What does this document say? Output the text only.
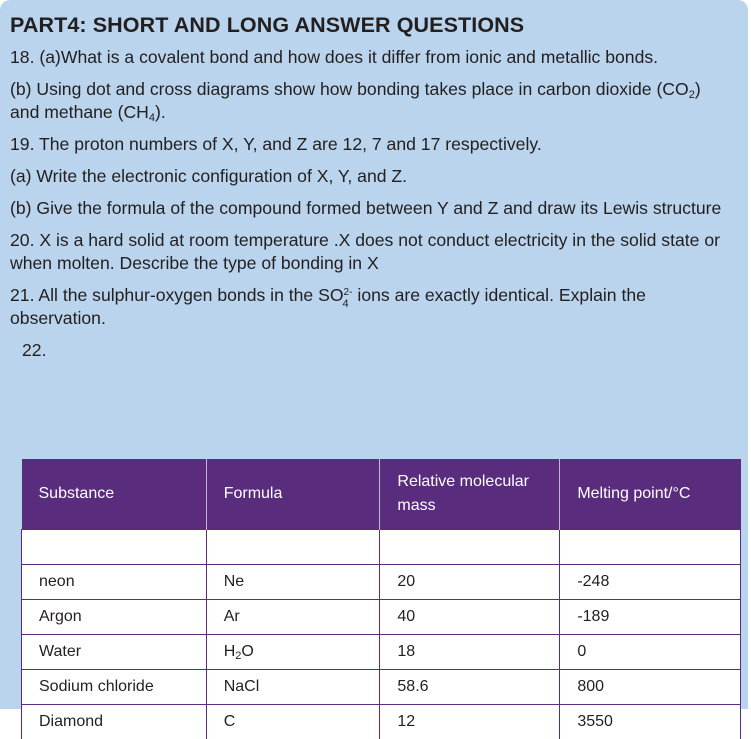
PART4: SHORT AND LONG ANSWER QUESTIONS

18. (a)What is a covalent bond and how does it differ from ionic and metallic bonds.

(b) Using dot and cross diagrams show how bonding takes place in carbon dioxide $(CO_2)$ and methane $(CH_4)$.

19. The proton numbers of X, Y, and Z are 12, 7 and 17 respectively.

(a) Write the electronic configuration of X, Y, and Z.

(b) Give the formula of the compound formed between Y and Z and draw its Lewis structure

20. X is a hard solid at room temperature .X does not conduct electricity in the solid state or when molten. Describe the type of bonding in X

21. All the sulphur-oxygen bonds in the SO 2-
4 ions are exactly identical. Explain the observation.

22.
Substance	Formula	Relative molecular mass	Melting point/°C

neon	Ne	20	-248
Argon	Ar	40	-189
Water	H2O	18	0
Sodium chloride	NaCl	58.6	800
Diamond	C	12	3550
